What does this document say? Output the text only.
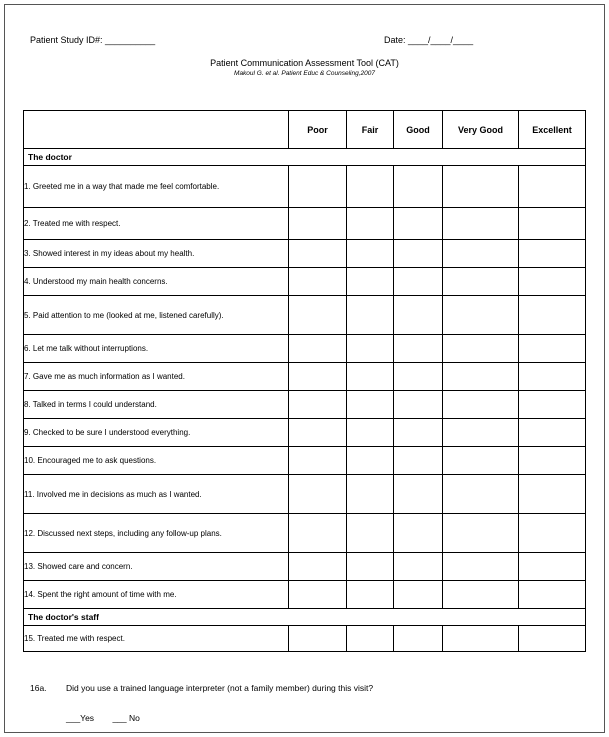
Patient Study ID#: __________	Date: ____/____/____
Patient Communication Assessment Tool (CAT)
Makoul G. et al. Patient Educ & Counseling,2007
	Poor	Fair	Good	Very Good	Excellent
The doctor					
1. Greeted me in a way that made me feel comfortable.					
2. Treated me with respect.					
3. Showed interest in my ideas about my health.					
4. Understood my main health concerns.					
5. Paid attention to me (looked at me, listened carefully).					
6. Let me talk without interruptions.					
7. Gave me as much information as I wanted.					
8. Talked in terms I could understand.					
9. Checked to be sure I understood everything.					
10. Encouraged me to ask questions.					
11. Involved me in decisions as much as I wanted.					
12. Discussed next steps, including any follow-up plans.					
13. Showed care and concern.					
14. Spent the right amount of time with me.					
The doctor's staff					
15. Treated me with respect.					
16a. Did you use a trained language interpreter (not a family member) during this visit?
___Yes ___ No
